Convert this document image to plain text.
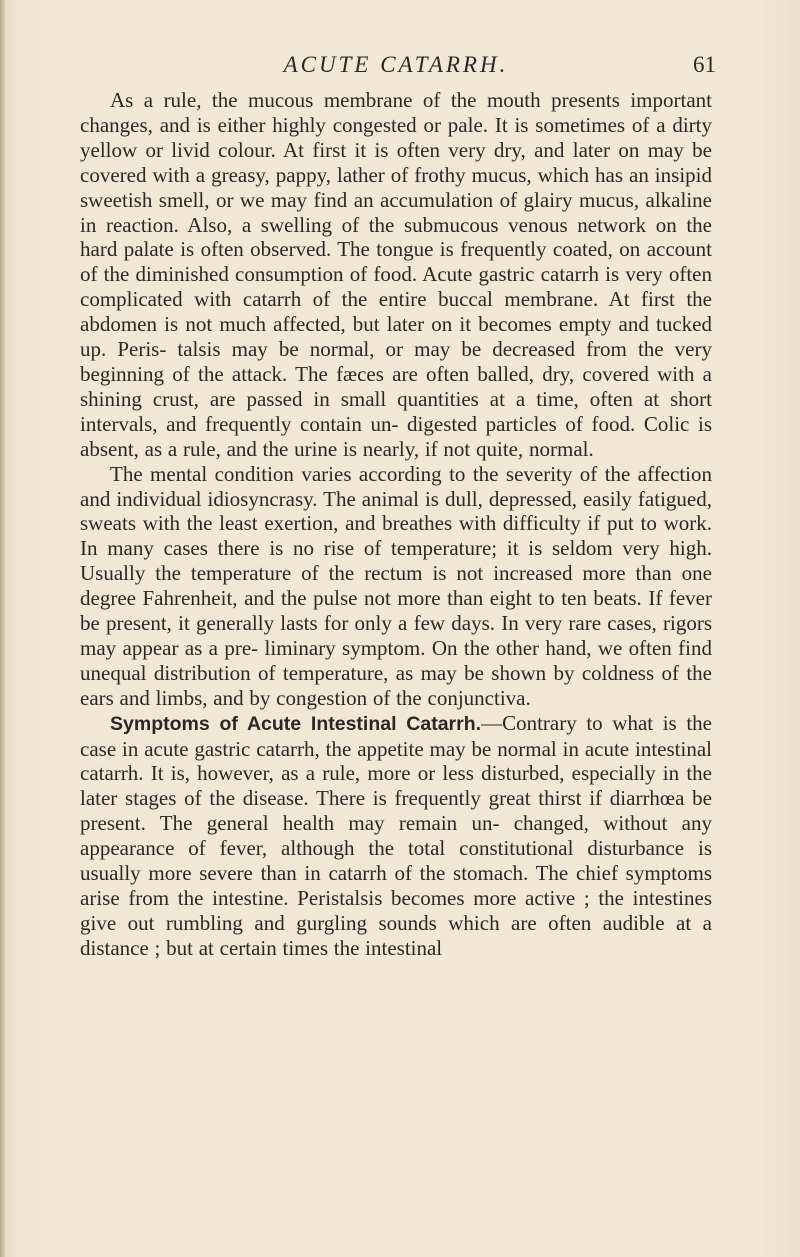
ACUTE CATARRH.	61

As a rule, the mucous membrane of the mouth presents important changes, and is either highly congested or pale. It is sometimes of a dirty yellow or livid colour. At first it is often very dry, and later on may be covered with a greasy, pappy, lather of frothy mucus, which has an insipid sweetish smell, or we may find an accumulation of glairy mucus, alkaline in reaction. Also, a swelling of the submucous venous network on the hard palate is often observed. The tongue is frequently coated, on account of the diminished consumption of food. Acute gastric catarrh is very often complicated with catarrh of the entire buccal membrane. At first the abdomen is not much affected, but later on it becomes empty and tucked up. Peris- talsis may be normal, or may be decreased from the very beginning of the attack. The fæces are often balled, dry, covered with a shining crust, are passed in small quantities at a time, often at short intervals, and frequently contain un- digested particles of food. Colic is absent, as a rule, and the urine is nearly, if not quite, normal.

The mental condition varies according to the severity of the affection and individual idiosyncrasy. The animal is dull, depressed, easily fatigued, sweats with the least exertion, and breathes with difficulty if put to work. In many cases there is no rise of temperature; it is seldom very high. Usually the temperature of the rectum is not increased more than one degree Fahrenheit, and the pulse not more than eight to ten beats. If fever be present, it generally lasts for only a few days. In very rare cases, rigors may appear as a pre- liminary symptom. On the other hand, we often find unequal distribution of temperature, as may be shown by coldness of the ears and limbs, and by congestion of the conjunctiva.

Symptoms of Acute Intestinal Catarrh.—Contrary to what is the case in acute gastric catarrh, the appetite may be normal in acute intestinal catarrh. It is, however, as a rule, more or less disturbed, especially in the later stages of the disease. There is frequently great thirst if diarrhœa be present. The general health may remain un- changed, without any appearance of fever, although the total constitutional disturbance is usually more severe than in catarrh of the stomach. The chief symptoms arise from the intestine. Peristalsis becomes more active ; the intestines give out rumbling and gurgling sounds which are often audible at a distance ; but at certain times the intestinal
